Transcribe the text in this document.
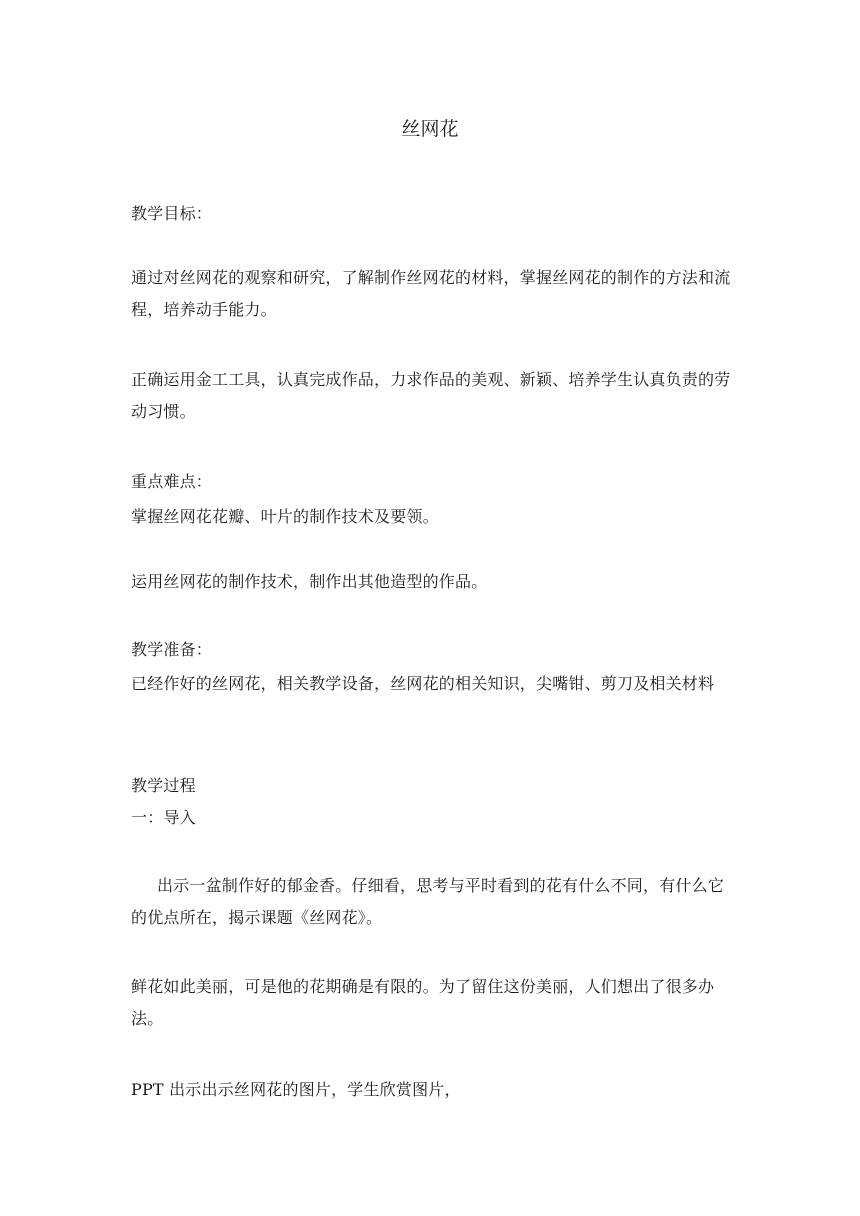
丝网花
教学目标：
通过对丝网花的观察和研究，了解制作丝网花的材料，掌握丝网花的制作的方法和流程，培养动手能力。
正确运用金工工具，认真完成作品，力求作品的美观、新颖、培养学生认真负责的劳动习惯。
重点难点：
掌握丝网花花瓣、叶片的制作技术及要领。
运用丝网花的制作技术，制作出其他造型的作品。
教学准备：
已经作好的丝网花，相关教学设备，丝网花的相关知识，尖嘴钳、剪刀及相关材料
教学过程
一：导入
出示一盆制作好的郁金香。仔细看，思考与平时看到的花有什么不同，有什么它的优点所在，揭示课题《丝网花》。
鲜花如此美丽，可是他的花期确是有限的。为了留住这份美丽，人们想出了很多办法。
PPT 出示出示丝网花的图片，学生欣赏图片，
